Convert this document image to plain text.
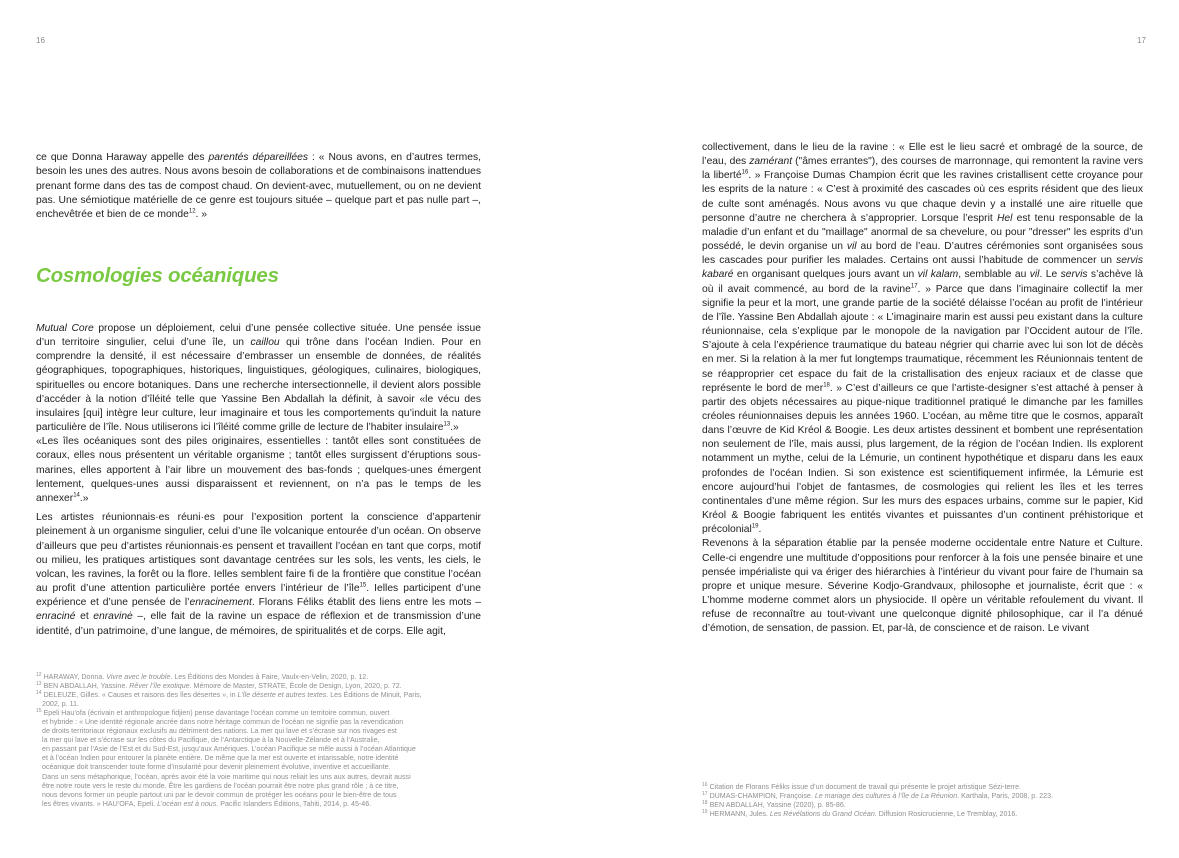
16	17

ce que Donna Haraway appelle des parentés dépareillées : « Nous avons, en d’autres termes, besoin les unes des autres. Nous avons besoin de collaborations et de combinaisons inattendues prenant forme dans des tas de compost chaud. On devient-avec, mutuellement, ou on ne devient pas. Une sémiotique matérielle de ce genre est toujours située – quelque part et pas nulle part –, enchevêtrée et bien de ce monde$^{12}$. »

Cosmologies océaniques

Mutual Core propose un déploiement, celui d’une pensée collective située. Une pensée issue d’un territoire singulier, celui d’une île, un caillou qui trône dans l’océan Indien. Pour en comprendre la densité, il est nécessaire d’embrasser un ensemble de données, de réalités géographiques, topographiques, historiques, linguistiques, géologiques, culinaires, biologiques, spirituelles ou encore botaniques. Dans une recherche intersectionnelle, il devient alors possible d’accéder à la notion d’îléité telle que Yassine Ben Abdallah la définit, à savoir «le vécu des insulaires [qui] intègre leur culture, leur imaginaire et tous les comportements qu’induit la nature particulière de l’île. Nous utiliserons ici l’îléité comme grille de lecture de l’habiter insulaire$^{13}$.»

«Les îles océaniques sont des piles originaires, essentielles : tantôt elles sont constituées de coraux, elles nous présentent un véritable organisme ; tantôt elles surgissent d’éruptions sous-marines, elles apportent à l’air libre un mouvement des bas-fonds ; quelques-unes émergent lentement, quelques-unes aussi disparaissent et reviennent, on n’a pas le temps de les annexer$^{14}$.»

Les artistes réunionnais·es réuni·es pour l’exposition portent la conscience d’appartenir pleinement à un organisme singulier, celui d’une île volcanique entourée d’un océan. On observe d’ailleurs que peu d’artistes réunionnais·es pensent et travaillent l’océan en tant que corps, motif ou milieu, les pratiques artistiques sont davantage centrées sur les sols, les vents, les ciels, le volcan, les ravines, la forêt ou la flore. Ielles semblent faire fi de la frontière que constitue l’océan au profit d’une attention particulière portée envers l’intérieur de l’île$^{15}$. Ielles participent d’une expérience et d’une pensée de l’enracinement. Florans Féliks établit des liens entre les mots – enraciné et enravinė –, elle fait de la ravine un espace de réflexion et de transmission d’une identité, d’un patrimoine, d’une langue, de mémoires, de spiritualités et de corps. Elle agit,

$^{12}$ HARAWAY, Donna. Vivre avec le trouble. Les Éditions des Mondes à Faire, Vaulx-en-Velin, 2020, p. 12.

$^{13}$ BEN ABDALLAH, Yassine. Rêver l’île exotique. Mémoire de Master, STRATE, École de Design, Lyon, 2020, p. 72.

$^{14}$ DELEUZE, Gilles. « Causes et raisons des îles désertes », in L’île déserte et autres textes. Les Éditions de Minuit, Paris,

2002, p. 11.

$^{15}$ Epeli Hau’ofa (écrivain et anthropologue fidjien) pense davantage l’océan comme un territoire commun, ouvert

et hybride : « Une identité régionale ancrée dans notre héritage commun de l’océan ne signifie pas la revendication

de droits territoriaux régionaux exclusifs au détriment des nations. La mer qui lave et s’écrase sur nos rivages est

la mer qui lave et s’écrase sur les côtes du Pacifique, de l’Antarctique à la Nouvelle-Zélande et à l’Australie,

en passant par l’Asie de l’Est et du Sud-Est, jusqu’aux Amériques. L’océan Pacifique se mêle aussi à l’océan Atlantique

et à l’océan Indien pour entourer la planète entière. De même que la mer est ouverte et intarissable, notre identité

océanique doit transcender toute forme d’insularité pour devenir pleinement évolutive, inventive et accueillante.

Dans un sens métaphorique, l’océan, après avoir été la voie maritime qui nous reliait les uns aux autres, devrait aussi

être notre route vers le reste du monde. Être les gardiens de l’océan pourrait être notre plus grand rôle ; à ce titre,

nous devons former un peuple partout uni par le devoir commun de protéger les océans pour le bien-être de tous

les êtres vivants. » HAU’OFA, Epeli. L’océan est à nous. Pacific Islanders Éditions, Tahiti, 2014, p. 45-46.

collectivement, dans le lieu de la ravine : « Elle est le lieu sacré et ombragé de la source, de l’eau, des zamérant ("âmes errantes"), des courses de marronnage, qui remontent la ravine vers la liberté$^{16}$. » Françoise Dumas Champion écrit que les ravines cristallisent cette croyance pour les esprits de la nature : « C’est à proximité des cascades où ces esprits résident que des lieux de culte sont aménagés. Nous avons vu que chaque devin y a installé une aire rituelle que personne d’autre ne cherchera à s’approprier. Lorsque l’esprit Hel est tenu responsable de la maladie d’un enfant et du "maillage" anormal de sa chevelure, ou pour "dresser" les esprits d’un possédé, le devin organise un vil au bord de l’eau. D’autres cérémonies sont organisées sous les cascades pour purifier les malades. Certains ont aussi l’habitude de commencer un servis kabaré en organisant quelques jours avant un vil kalam, semblable au vil. Le servis s’achève là où il avait commencé, au bord de la ravine$^{17}$. » Parce que dans l’imaginaire collectif la mer signifie la peur et la mort, une grande partie de la société délaisse l’océan au profit de l’intérieur de l’île. Yassine Ben Abdallah ajoute : « L’imaginaire marin est aussi peu existant dans la culture réunionnaise, cela s’explique par le monopole de la navigation par l’Occident autour de l’île. S’ajoute à cela l’expérience traumatique du bateau négrier qui charrie avec lui son lot de décès en mer. Si la relation à la mer fut longtemps traumatique, récemment les Réunionnais tentent de se réapproprier cet espace du fait de la cristallisation des enjeux raciaux et de classe que représente le bord de mer$^{18}$. » C’est d’ailleurs ce que l’artiste-designer s’est attaché à penser à partir des objets nécessaires au pique-nique traditionnel pratiqué le dimanche par les familles créoles réunionnaises depuis les années 1960. L’océan, au même titre que le cosmos, apparaît dans l’œuvre de Kid Kréol & Boogie. Les deux artistes dessinent et bombent une représentation non seulement de l’île, mais aussi, plus largement, de la région de l’océan Indien. Ils explorent notamment un mythe, celui de la Lémurie, un continent hypothétique et disparu dans les eaux profondes de l’océan Indien. Si son existence est scientifiquement infirmée, la Lémurie est encore aujourd’hui l’objet de fantasmes, de cosmologies qui relient les îles et les terres continentales d’une même région. Sur les murs des espaces urbains, comme sur le papier, Kid Kréol & Boogie fabriquent les entités vivantes et puissantes d’un continent préhistorique et précolonial$^{19}$.

Revenons à la séparation établie par la pensée moderne occidentale entre Nature et Culture. Celle-ci engendre une multitude d’oppositions pour renforcer à la fois une pensée binaire et une pensée impérialiste qui va ériger des hiérarchies à l’intérieur du vivant pour faire de l’humain sa propre et unique mesure. Séverine Kodjo-Grandvaux, philosophe et journaliste, écrit que : « L’homme moderne commet alors un physiocide. Il opère un véritable refoulement du vivant. Il refuse de reconnaître au tout-vivant une quelconque dignité philosophique, car il l’a dénué d’émotion, de sensation, de passion. Et, par-là, de conscience et de raison. Le vivant

$^{16}$ Citation de Florans Féliks issue d’un document de travail qui présente le projet artistique Sézi-terre.

$^{17}$ DUMAS-CHAMPION, Françoise. Le mariage des cultures à l’île de La Réunion. Karthala, Paris, 2008, p. 223.

$^{18}$ BEN ABDALLAH, Yassine (2020), p. 85-86.

$^{19}$ HERMANN, Jules. Les Révélations du Grand Océan. Diffusion Rosicrucienne, Le Tremblay, 2016.
